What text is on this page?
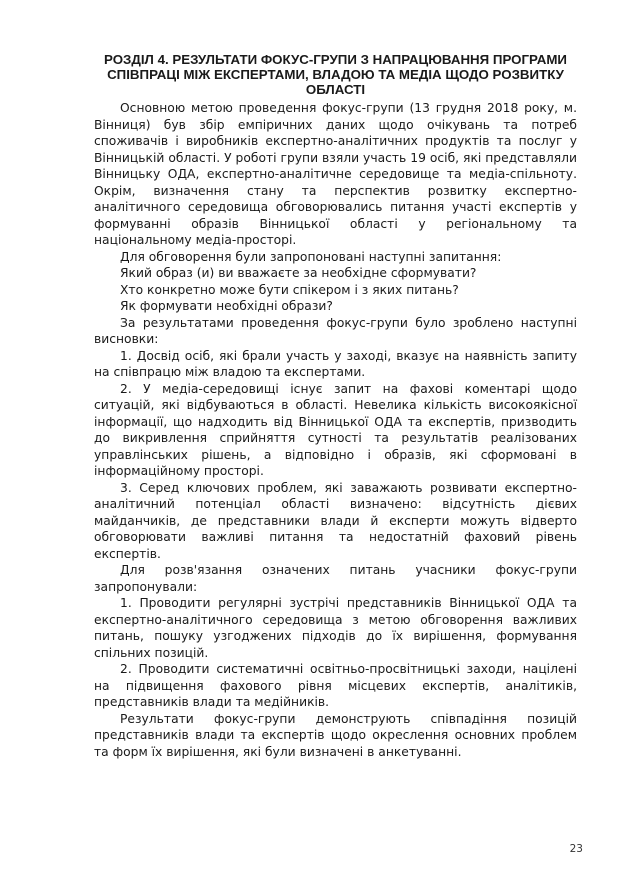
РОЗДІЛ 4. РЕЗУЛЬТАТИ ФОКУС-ГРУПИ З НАПРАЦЮВАННЯ ПРОГРАМИ СПІВПРАЦІ МІЖ ЕКСПЕРТАМИ, ВЛАДОЮ ТА МЕДІА ЩОДО РОЗВИТКУ ОБЛАСТІ

Основною метою проведення фокус-групи (13 грудня 2018 року, м. Вінниця) був збір емпіричних даних щодо очікувань та потреб споживачів і виробників експертно-аналітичних продуктів та послуг у Вінницькій області. У роботі групи взяли участь 19 осіб, які представляли Вінницьку ОДА, експертно-аналітичне середовище та медіа-спільноту. Окрім, визначення стану та перспектив розвитку експертно-аналітичного середовища обговорювались питання участі експертів у формуванні образів Вінницької області у регіональному та національному медіа-просторі.

Для обговорення були запропоновані наступні запитання:

Який образ (и) ви вважаєте за необхідне сформувати?

Хто конкретно може бути спікером і з яких питань?

Як формувати необхідні образи?

За результатами проведення фокус-групи було зроблено наступні висновки:

1. Досвід осіб, які брали участь у заході, вказує на наявність запиту на співпрацю між владою та експертами.

2. У медіа-середовищі існує запит на фахові коментарі щодо ситуацій, які відбуваються в області. Невелика кількість високоякісної інформації, що надходить від Вінницької ОДА та експертів, призводить до викривлення сприйняття сутності та результатів реалізованих управлінських рішень, а відповідно і образів, які сформовані в інформаційному просторі.

3. Серед ключових проблем, які заважають розвивати експертно-аналітичний потенціал області визначено: відсутність дієвих майданчиків, де представники влади й експерти можуть відверто обговорювати важливі питання та недостатній фаховий рівень експертів.

Для розв'язання означених питань учасники фокус-групи запропонували:

1. Проводити регулярні зустрічі представників Вінницької ОДА та експертно-аналітичного середовища з метою обговорення важливих питань, пошуку узгоджених підходів до їх вирішення, формування спільних позицій.

2. Проводити систематичні освітньо-просвітницькі заходи, націлені на підвищення фахового рівня місцевих експертів, аналітиків, представників влади та медійників.

Результати фокус-групи демонструють співпадіння позицій представників влади та експертів щодо окреслення основних проблем та форм їх вирішення, які були визначені в анкетуванні.

23
